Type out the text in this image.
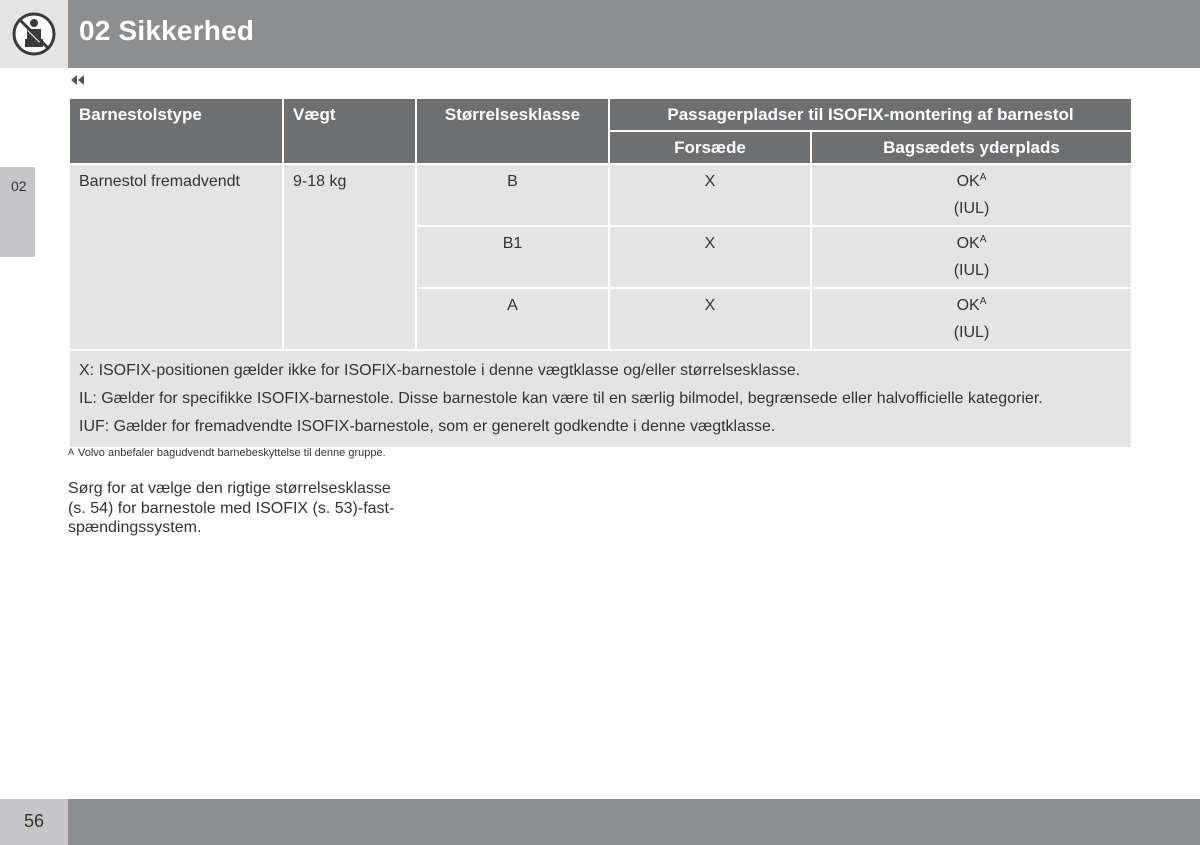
02 Sikkerhed
02
Barnestolstype	Vægt	Størrelsesklasse	Passagerpladser til ISOFIX-montering af barnestol	
			Forsæde	Bagsædets yderplads
Barnestol fremadvendt	9-18 kg	B	X	$OK^A$
(IUL)

		B1	X	$OK^A$
(IUL)

		A	X	$OK^A$
(IUL)

X: ISOFIX-positionen gælder ikke for ISOFIX-barnestole i denne vægtklasse og/eller størrelsesklasse.
IL: Gælder for specifikke ISOFIX-barnestole. Disse barnestole kan være til en særlig bilmodel, begrænsede eller halvofficielle kategorier.
IUF: Gælder for fremadvendte ISOFIX-barnestole, som er generelt godkendte i denne vægtklasse.				
A Volvo anbefaler bagudvendt barnebeskyttelse til denne gruppe.
Sørg for at vælge den rigtige størrelsesklasse (s. 54) for barnestole med ISOFIX (s. 53)-fast-spændingssystem.
56
